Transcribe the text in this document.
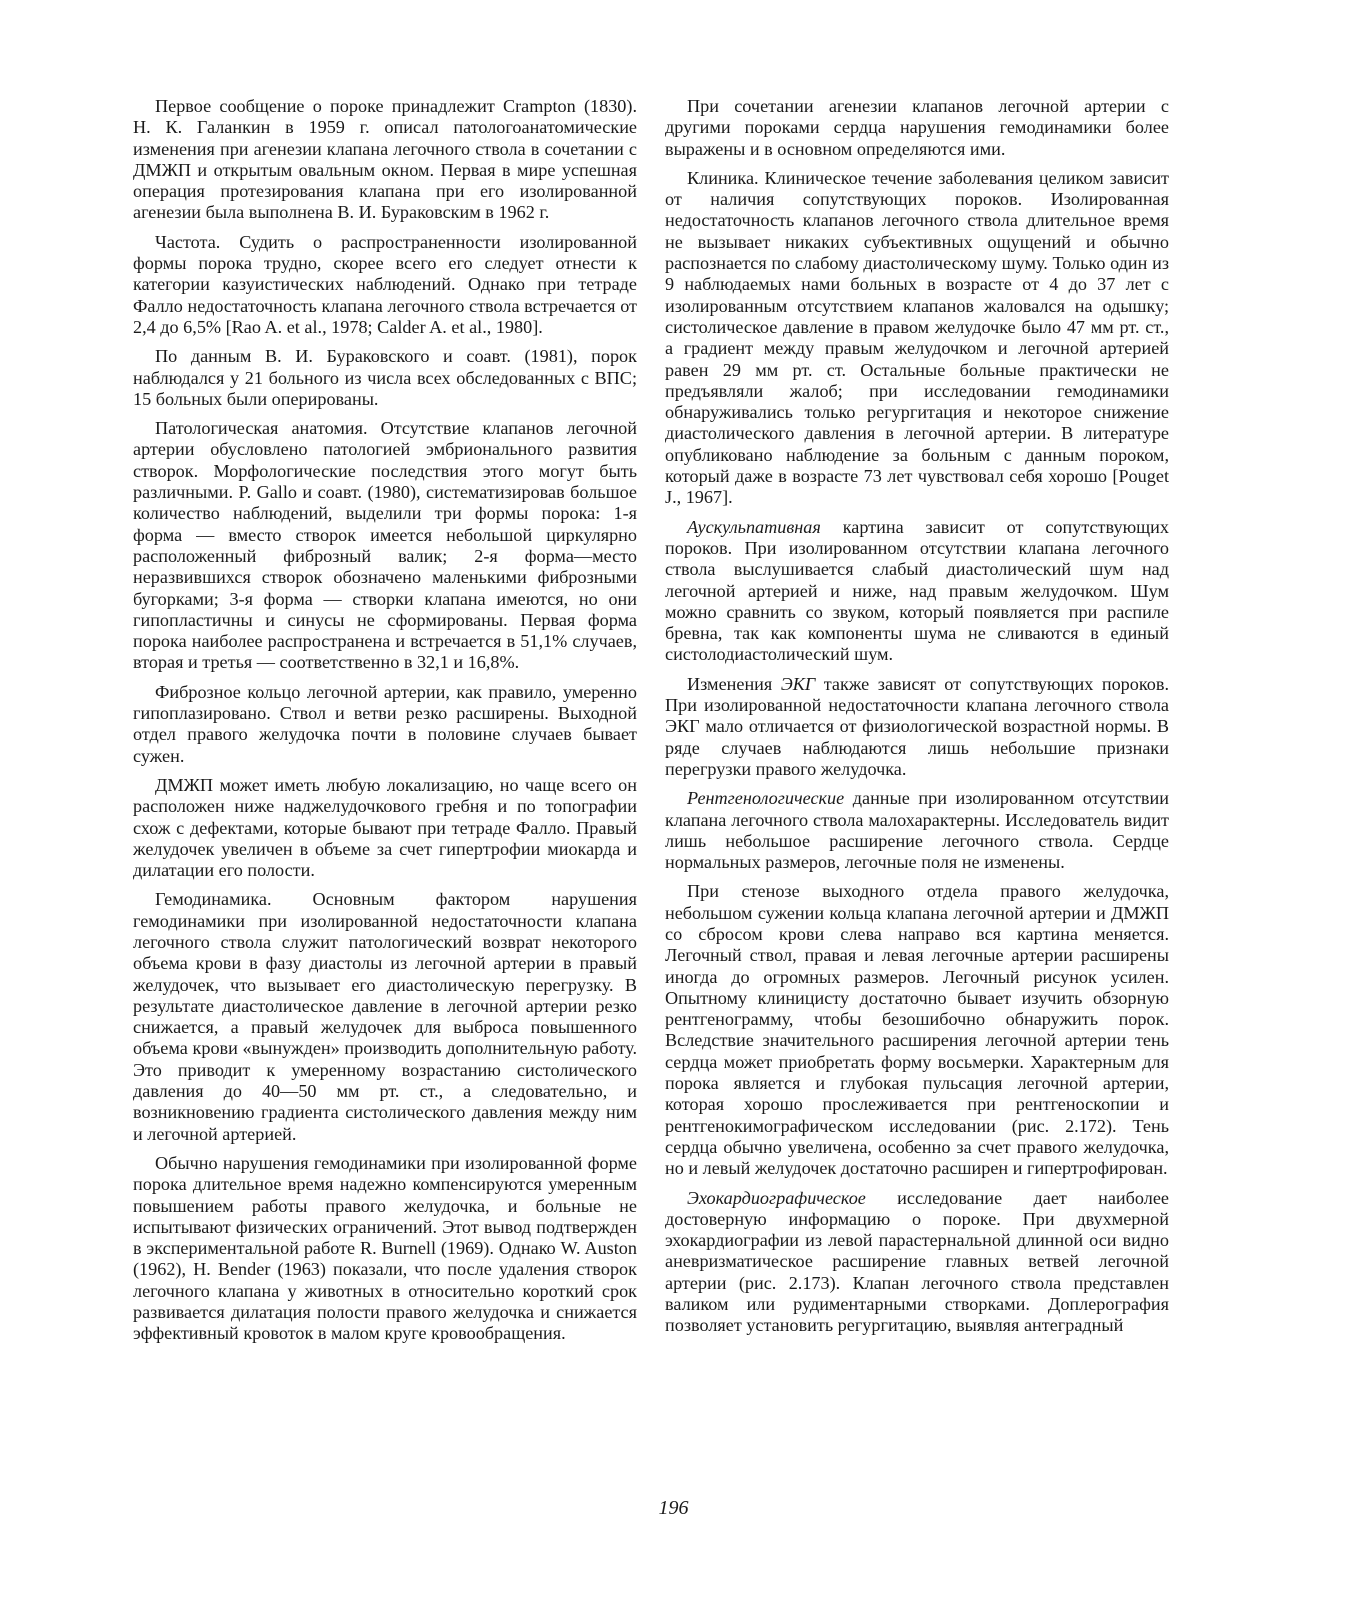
Первое сообщение о пороке принадлежит Crampton (1830). Н. К. Галанкин в 1959 г. описал патологоанатомические изменения при агенезии клапана легочного ствола в сочетании с ДМЖП и открытым овальным окном. Первая в мире успешная операция протезирования клапана при его изолированной агенезии была выполнена В. И. Бураковским в 1962 г.

Частота. Судить о распространенности изолированной формы порока трудно, скорее всего его следует отнести к категории казуистических наблюдений. Однако при тетраде Фалло недостаточность клапана легочного ствола встречается от 2,4 до 6,5% [Rao A. et al., 1978; Calder A. et al., 1980].

По данным В. И. Бураковского и соавт. (1981), порок наблюдался у 21 больного из числа всех обследованных с ВПС; 15 больных были оперированы.

Патологическая анатомия. Отсутствие клапанов легочной артерии обусловлено патологией эмбрионального развития створок. Морфологические последствия этого могут быть различными. P. Gallo и соавт. (1980), систематизировав большое количество наблюдений, выделили три формы порока: 1-я форма — вместо створок имеется небольшой циркулярно расположенный фиброзный валик; 2-я форма—место неразвившихся створок обозначено маленькими фиброзными бугорками; 3-я форма — створки клапана имеются, но они гипопластичны и синусы не сформированы. Первая форма порока наиболее распространена и встречается в 51,1% случаев, вторая и третья — соответственно в 32,1 и 16,8%.

Фиброзное кольцо легочной артерии, как правило, умеренно гипоплазировано. Ствол и ветви резко расширены. Выходной отдел правого желудочка почти в половине случаев бывает сужен.

ДМЖП может иметь любую локализацию, но чаще всего он расположен ниже наджелудочкового гребня и по топографии схож с дефектами, которые бывают при тетраде Фалло. Правый желудочек увеличен в объеме за счет гипертрофии миокарда и дилатации его полости.

Гемодинамика. Основным фактором нарушения гемодинамики при изолированной недостаточности клапана легочного ствола служит патологический возврат некоторого объема крови в фазу диастолы из легочной артерии в правый желудочек, что вызывает его диастолическую перегрузку. В результате диастолическое давление в легочной артерии резко снижается, а правый желудочек для выброса повышенного объема крови «вынужден» производить дополнительную работу. Это приводит к умеренному возрастанию систолического давления до 40—50 мм рт. ст., а следовательно, и возникновению градиента систолического давления между ним и легочной артерией.

Обычно нарушения гемодинамики при изолированной форме порока длительное время надежно компенсируются умеренным повышением работы правого желудочка, и больные не испытывают физических ограничений. Этот вывод подтвержден в экспериментальной работе R. Burnell (1969). Однако W. Auston (1962), H. Bender (1963) показали, что после удаления створок легочного клапана у животных в относительно короткий срок развивается дилатация полости правого желудочка и снижается эффективный кровоток в малом круге кровообращения.

При сочетании агенезии клапанов легочной артерии с другими пороками сердца нарушения гемодинамики более выражены и в основном определяются ими.

Клиника. Клиническое течение заболевания целиком зависит от наличия сопутствующих пороков. Изолированная недостаточность клапанов легочного ствола длительное время не вызывает никаких субъективных ощущений и обычно распознается по слабому диастолическому шуму. Только один из 9 наблюдаемых нами больных в возрасте от 4 до 37 лет с изолированным отсутствием клапанов жаловался на одышку; систолическое давление в правом желудочке было 47 мм рт. ст., а градиент между правым желудочком и легочной артерией равен 29 мм рт. ст. Остальные больные практически не предъявляли жалоб; при исследовании гемодинамики обнаруживались только регургитация и некоторое снижение диастолического давления в легочной артерии. В литературе опубликовано наблюдение за больным с данным пороком, который даже в возрасте 73 лет чувствовал себя хорошо [Pouget J., 1967].

Аускульпативная картина зависит от сопутствующих пороков. При изолированном отсутствии клапана легочного ствола выслушивается слабый диастолический шум над легочной артерией и ниже, над правым желудочком. Шум можно сравнить со звуком, который появляется при распиле бревна, так как компоненты шума не сливаются в единый систолодиастолический шум.

Изменения ЭКГ также зависят от сопутствующих пороков. При изолированной недостаточности клапана легочного ствола ЭКГ мало отличается от физиологической возрастной нормы. В ряде случаев наблюдаются лишь небольшие признаки перегрузки правого желудочка.

Рентгенологические данные при изолированном отсутствии клапана легочного ствола малохарактерны. Исследователь видит лишь небольшое расширение легочного ствола. Сердце нормальных размеров, легочные поля не изменены.

При стенозе выходного отдела правого желудочка, небольшом сужении кольца клапана легочной артерии и ДМЖП со сбросом крови слева направо вся картина меняется. Легочный ствол, правая и левая легочные артерии расширены иногда до огромных размеров. Легочный рисунок усилен. Опытному клиницисту достаточно бывает изучить обзорную рентгенограмму, чтобы безошибочно обнаружить порок. Вследствие значительного расширения легочной артерии тень сердца может приобретать форму восьмерки. Характерным для порока является и глубокая пульсация легочной артерии, которая хорошо прослеживается при рентгеноскопии и рентгенокимографическом исследовании (рис. 2.172). Тень сердца обычно увеличена, особенно за счет правого желудочка, но и левый желудочек достаточно расширен и гипертрофирован.

Эхокардиографическое исследование дает наиболее достоверную информацию о пороке. При двухмерной эхокардиографии из левой парастернальной длинной оси видно аневризматическое расширение главных ветвей легочной артерии (рис. 2.173). Клапан легочного ствола представлен валиком или рудиментарными створками. Доплерография позволяет установить регургитацию, выявляя антеградный

196
